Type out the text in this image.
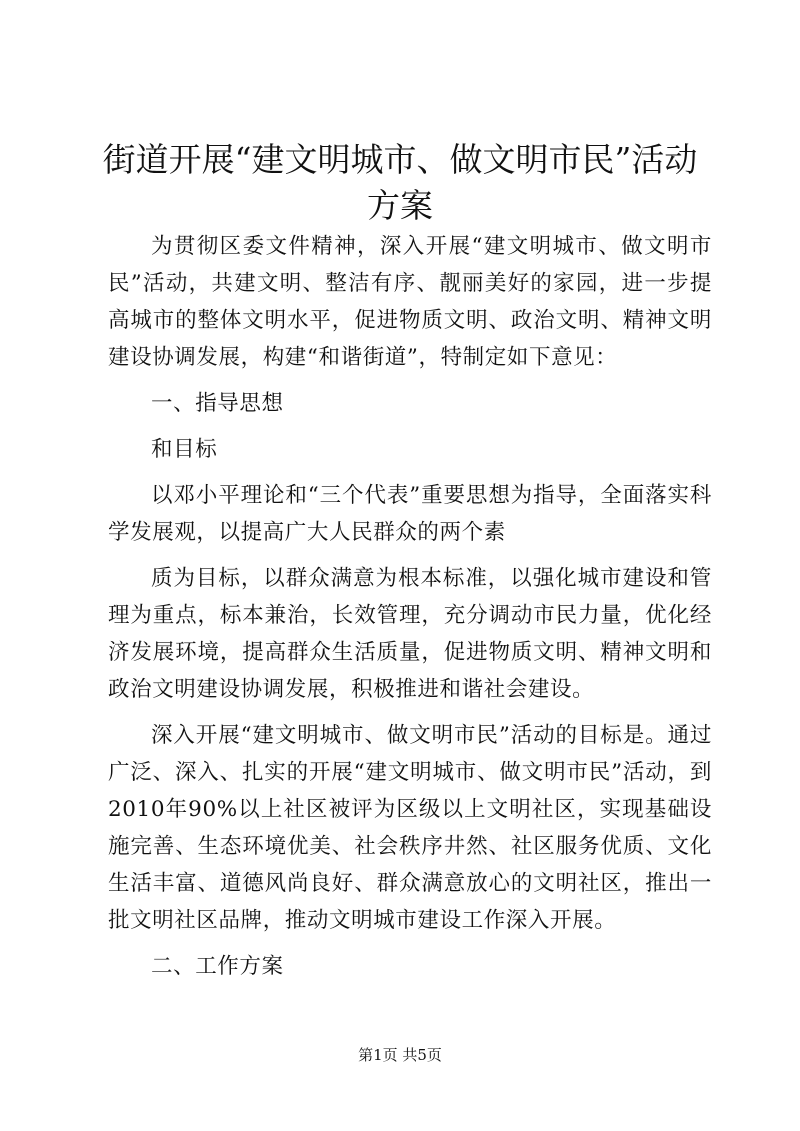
街道开展“建文明城市、做文明市民”活动方案

为贯彻区委文件精神，深入开展“建文明城市、做文明市民”活动，共建文明、整洁有序、靓丽美好的家园，进一步提高城市的整体文明水平，促进物质文明、政治文明、精神文明建设协调发展，构建“和谐街道”，特制定如下意见：

一、指导思想

和目标

以邓小平理论和“三个代表”重要思想为指导，全面落实科学发展观，以提高广大人民群众的两个素

质为目标，以群众满意为根本标准，以强化城市建设和管理为重点，标本兼治，长效管理，充分调动市民力量，优化经济发展环境，提高群众生活质量，促进物质文明、精神文明和政治文明建设协调发展，积极推进和谐社会建设。

深入开展“建文明城市、做文明市民”活动的目标是。通过广泛、深入、扎实的开展“建文明城市、做文明市民”活动，到2010年90%以上社区被评为区级以上文明社区，实现基础设施完善、生态环境优美、社会秩序井然、社区服务优质、文化生活丰富、道德风尚良好、群众满意放心的文明社区，推出一批文明社区品牌，推动文明城市建设工作深入开展。

二、工作方案

第1页 共5页
